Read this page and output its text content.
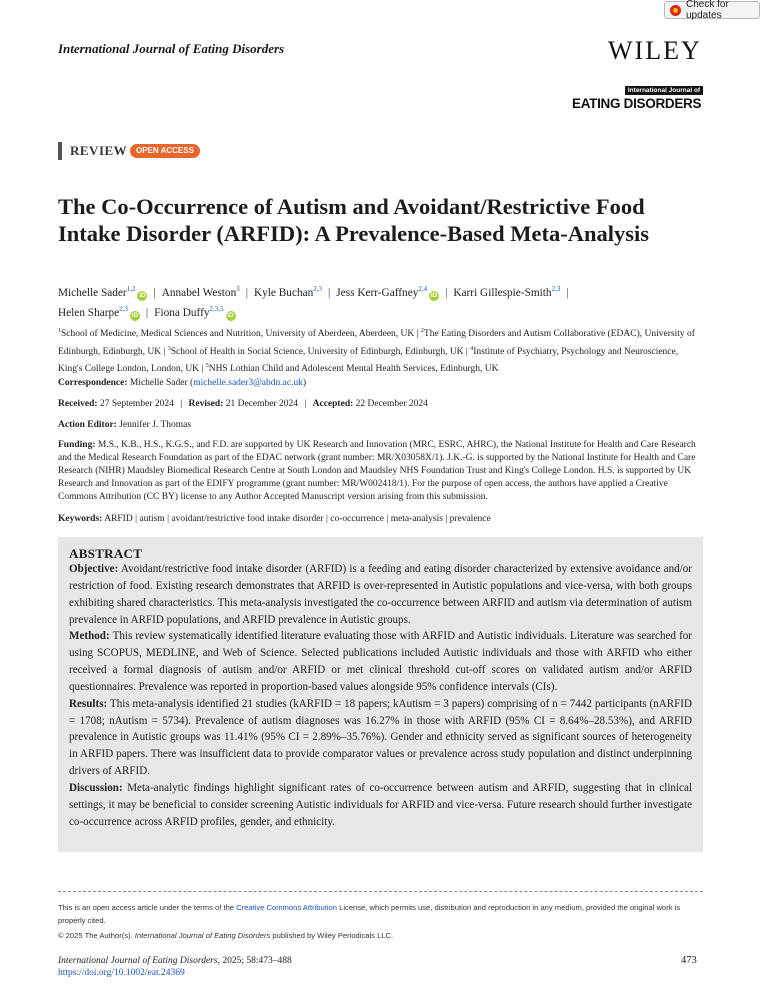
Check for updates
International Journal of Eating Disorders	WILEY
International Journal of
EATING DISORDERS
REVIEW	OPEN ACCESS
The Co-Occurrence of Autism and Avoidant/Restrictive Food Intake Disorder (ARFID): A Prevalence-Based Meta-Analysis
Michelle Sader$^{1,2}$iD | Annabel Weston$^3$ | Kyle Buchan$^{2,3}$ | Jess Kerr-Gaffney$^{2,4}$iD | Karri Gillespie-Smith$^{2,3}$ |
Helen Sharpe$^{2,3}$iD | Fiona Duffy$^{2,3,5}$iD
$^1$School of Medicine, Medical Sciences and Nutrition, University of Aberdeen, Aberdeen, UK | $^2$The Eating Disorders and Autism Collaborative (EDAC), University of Edinburgh, Edinburgh, UK | $^3$School of Health in Social Science, University of Edinburgh, Edinburgh, UK | $^4$Institute of Psychiatry, Psychology and Neuroscience, King's College London, London, UK | $^5$NHS Lothian Child and Adolescent Mental Health Services, Edinburgh, UK
Correspondence: Michelle Sader (michelle.sader3@abdn.ac.uk)
Received: 27 September 2024 | Revised: 21 December 2024 | Accepted: 22 December 2024
Action Editor: Jennifer J. Thomas
Funding: M.S., K.B., H.S., K.G.S., and F.D. are supported by UK Research and Innovation (MRC, ESRC, AHRC), the National Institute for Health and Care Research and the Medical Research Foundation as part of the EDAC network (grant number: MR/X03058X/1). J.K.-G. is supported by the National Institute for Health and Care Research (NIHR) Maudsley Biomedical Research Centre at South London and Maudsley NHS Foundation Trust and King's College London. H.S. is supported by UK Research and Innovation as part of the EDIFY programme (grant number: MR/W002418/1). For the purpose of open access, the authors have applied a Creative Commons Attribution (CC BY) license to any Author Accepted Manuscript version arising from this submission.
Keywords: ARFID | autism | avoidant/restrictive food intake disorder | co-occurrence | meta-analysis | prevalence
ABSTRACT

Objective: Avoidant/restrictive food intake disorder (ARFID) is a feeding and eating disorder characterized by extensive avoidance and/or restriction of food. Existing research demonstrates that ARFID is over-represented in Autistic populations and vice-versa, with both groups exhibiting shared characteristics. This meta-analysis investigated the co-occurrence between ARFID and autism via determination of autism prevalence in ARFID populations, and ARFID prevalence in Autistic groups.

Method: This review systematically identified literature evaluating those with ARFID and Autistic individuals. Literature was searched for using SCOPUS, MEDLINE, and Web of Science. Selected publications included Autistic individuals and those with ARFID who either received a formal diagnosis of autism and/or ARFID or met clinical threshold cut-off scores on validated autism and/or ARFID questionnaires. Prevalence was reported in proportion-based values alongside 95% confidence intervals (CIs).

Results: This meta-analysis identified 21 studies (kARFID = 18 papers; kAutism = 3 papers) comprising of n = 7442 participants (nARFID = 1708; nAutism = 5734). Prevalence of autism diagnoses was 16.27% in those with ARFID (95% CI = 8.64%–28.53%), and ARFID prevalence in Autistic groups was 11.41% (95% CI = 2.89%–35.76%). Gender and ethnicity served as significant sources of heterogeneity in ARFID papers. There was insufficient data to provide comparator values or prevalence across study population and distinct underpinning drivers of ARFID.

Discussion: Meta-analytic findings highlight significant rates of co-occurrence between autism and ARFID, suggesting that in clinical settings, it may be beneficial to consider screening Autistic individuals for ARFID and vice-versa. Future research should further investigate co-occurrence across ARFID profiles, gender, and ethnicity.

This is an open access article under the terms of the Creative Commons Attribution License, which permits use, distribution and reproduction in any medium, provided the original work is properly cited.
© 2025 The Author(s). International Journal of Eating Disorders published by Wiley Periodicals LLC.
International Journal of Eating Disorders, 2025; 58:473–488
https://doi.org/10.1002/eat.24369
473
